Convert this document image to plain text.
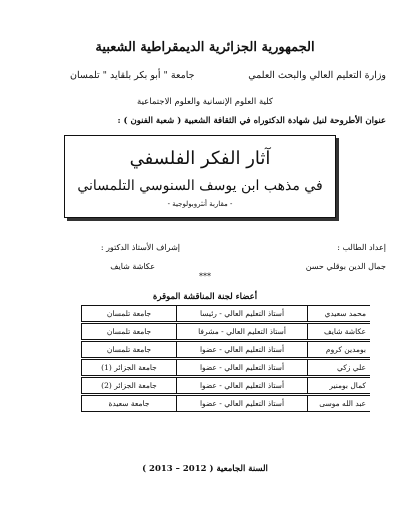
الجمهورية الجزائرية الديمقراطية الشعبية
وزارة التعليم العالي والبحث العلمي
جامعة " أبو بكر بلقايد " تلمسان
كلية العلوم الإنسانية والعلوم الاجتماعية
عنوان الأطروحة لنيل شهادة الدكتوراه في الثقافة الشعبية ( شعبة الفنون ) :
آثار الفكر الفلسفي
في مذهب ابن يوسف السنوسي التلمساني
- مقاربة أنثروبولوجية -
إعداد الطالب :
جمال الدين بوقلي حسن
إشراف الأستاذ الدكتور :
عكاشة شايف
***
أعضاء لجنة المناقشة الموقرة
محمد سعيدي	أستاذ التعليم العالي - رئيسا	جامعة تلمسان

عكاشة شايف	أستاذ التعليم العالي - مشرفا	جامعة تلمسان

بومدين كروم	أستاذ التعليم العالي - عضوا	جامعة تلمسان

علي زكي	أستاذ التعليم العالي - عضوا	جامعة الجزائر (1)

كمال بومنير	أستاذ التعليم العالي - عضوا	جامعة الجزائر (2)

عبد الله موسى	أستاذ التعليم العالي - عضوا	جامعة سعيدة
السنة الجامعية ( 2012 – 2013 )
